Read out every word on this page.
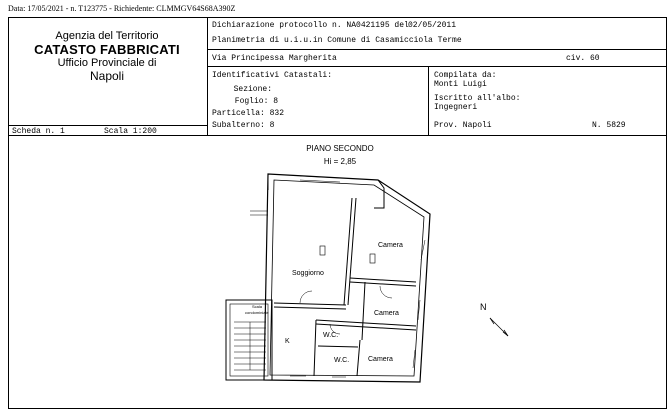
Data: 17/05/2021 - n. T123775 - Richiedente: CLMMGV64S68A390Z
Agenzia del Territorio
CATASTO FABBRICATI
Ufficio Provinciale di
Napoli
Dichiarazione protocollo n. NA0421195 del 02/05/2011
Planimetria di u.i.u.in Comune di Casamicciola Terme
Via Principessa Margherita	civ. 60
Identificativi Catastali:
Sezione:
Foglio: 8
Particella: 832
Subalterno: 8
Compilata da:
Monti Luigi
Iscritto all'albo:
Ingegneri
Prov. Napoli	N. 5829
Scheda n. 1	Scala 1:200
PIANO SECONDO
Hi = 2,85
Soggiorno
Camera
Camera
Camera
W.C.
W.C.
K
Scala
condominiale
N
